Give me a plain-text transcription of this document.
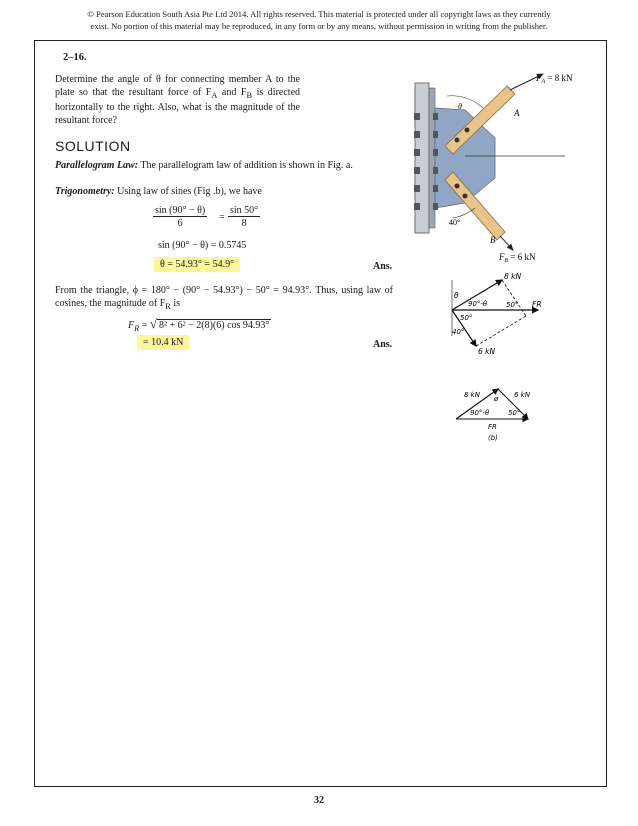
© Pearson Education South Asia Pte Ltd 2014. All rights reserved. This material is protected under all copyright laws as they currently
exist. No portion of this material may be reproduced, in any form or by any means, without permission in writing from the publisher.
2–16.
Determine the angle of θ for connecting member A to the plate so that the resultant force of $F_A$ and $F_B$ is directed horizontally to the right. Also, what is the magnitude of the resultant force?
SOLUTION
Parallelogram Law: The parallelogram law of addition is shown in Fig. a.
Trigonometry: Using law of sines (Fig .b), we have
$\frac{\sin (90^\circ - \theta)}{6} = \frac{\sin 50^\circ}{8}$
sin (90° − θ) = 0.5745
θ = 54.93° = 54.9°	Ans.
From the triangle, ϕ = 180° − (90° − 54.93°) − 50° = 94.93°. Thus, using law of cosines, the magnitude of $F_R$ is
$F_R$ = √ 8² + 6² − 2(8)(6) cos 94.93°
= 10.4 kN	Ans.
$F_A = 8$ kN
A
θ
40°
B
$F_B = 6$ kN
8 kN
θ
90°-θ	50°
50°
40°
6 kN
FR
8 kN	6 kN
ø
90°-θ	50°
FR
(b)
32
